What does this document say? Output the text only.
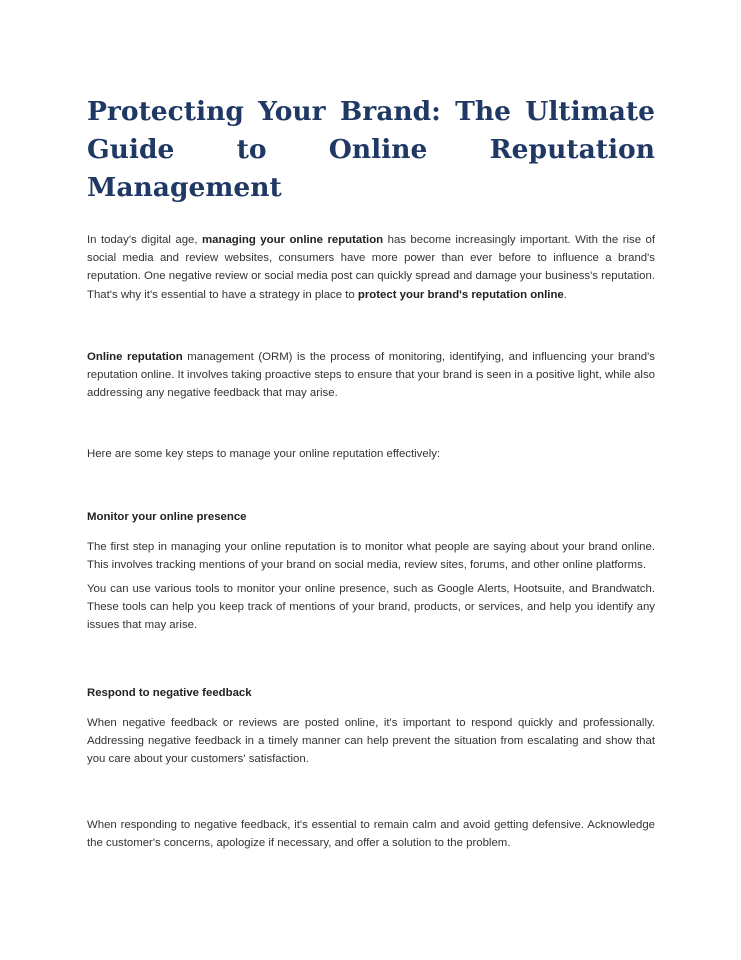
Protecting Your Brand: The Ultimate Guide to Online Reputation Management

In today's digital age, managing your online reputation has become increasingly important. With the rise of social media and review websites, consumers have more power than ever before to influence a brand's reputation. One negative review or social media post can quickly spread and damage your business's reputation. That's why it's essential to have a strategy in place to protect your brand's reputation online.

Online reputation management (ORM) is the process of monitoring, identifying, and influencing your brand's reputation online. It involves taking proactive steps to ensure that your brand is seen in a positive light, while also addressing any negative feedback that may arise.

Here are some key steps to manage your online reputation effectively:

Monitor your online presence

The first step in managing your online reputation is to monitor what people are saying about your brand online. This involves tracking mentions of your brand on social media, review sites, forums, and other online platforms.

You can use various tools to monitor your online presence, such as Google Alerts, Hootsuite, and Brandwatch. These tools can help you keep track of mentions of your brand, products, or services, and help you identify any issues that may arise.

Respond to negative feedback

When negative feedback or reviews are posted online, it's important to respond quickly and professionally. Addressing negative feedback in a timely manner can help prevent the situation from escalating and show that you care about your customers' satisfaction.

When responding to negative feedback, it's essential to remain calm and avoid getting defensive. Acknowledge the customer's concerns, apologize if necessary, and offer a solution to the problem.
